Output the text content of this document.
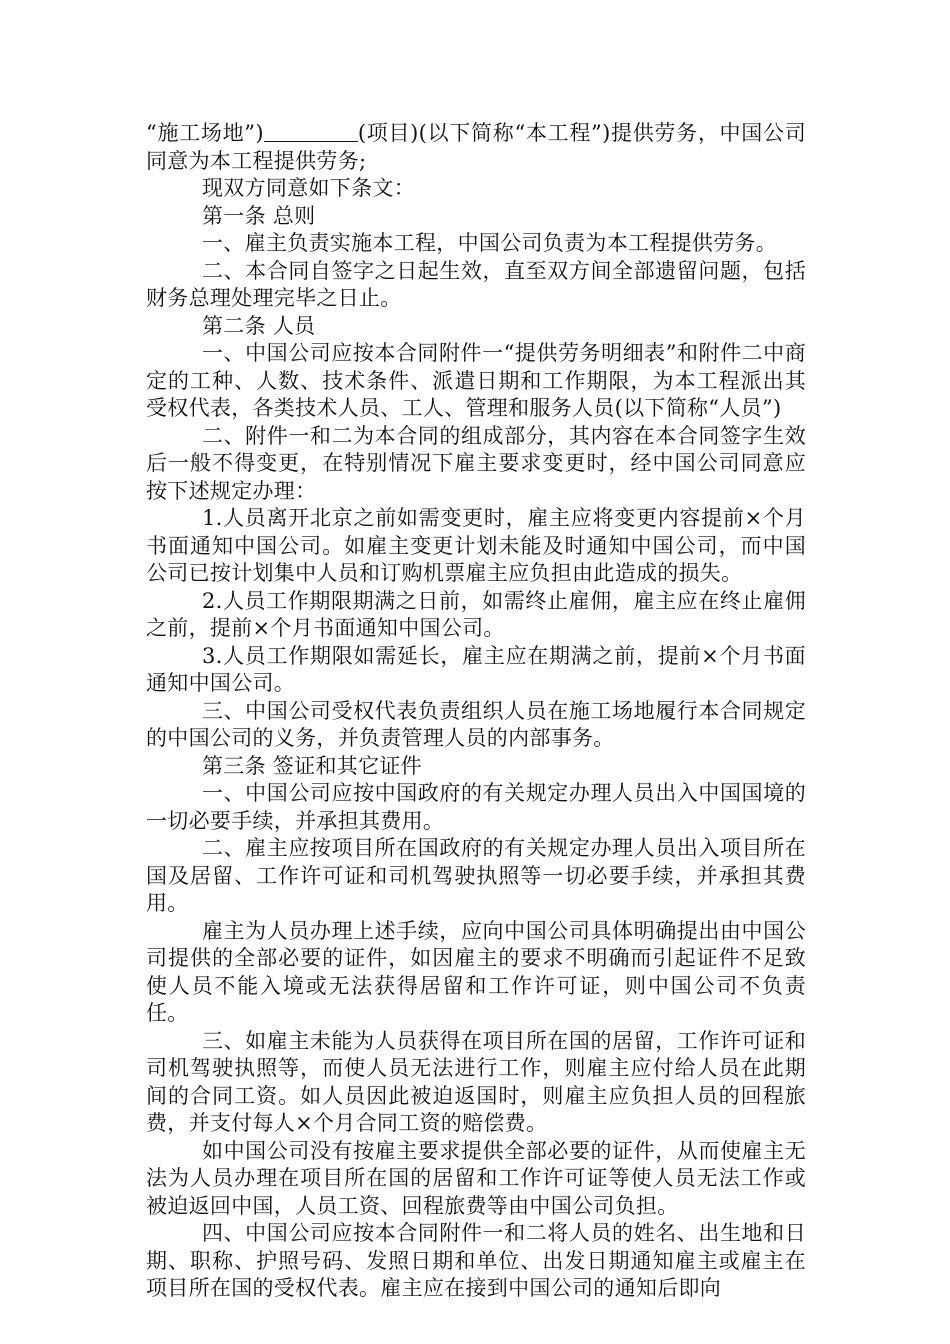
“施工场地”)	(项目)(以下简称“本工程”)提供劳务，中国公司同意为本工程提供劳务;

现双方同意如下条文：

第一条 总则

一、雇主负责实施本工程，中国公司负责为本工程提供劳务。

二、本合同自签字之日起生效，直至双方间全部遗留问题，包括财务总理处理完毕之日止。

第二条 人员

一、中国公司应按本合同附件一“提供劳务明细表”和附件二中商定的工种、人数、技术条件、派遣日期和工作期限，为本工程派出其受权代表，各类技术人员、工人、管理和服务人员(以下简称“人员”)

二、附件一和二为本合同的组成部分，其内容在本合同签字生效后一般不得变更，在特别情况下雇主要求变更时，经中国公司同意应按下述规定办理：

1.人员离开北京之前如需变更时，雇主应将变更内容提前×个月书面通知中国公司。如雇主变更计划未能及时通知中国公司，而中国公司已按计划集中人员和订购机票雇主应负担由此造成的损失。

2.人员工作期限期满之日前，如需终止雇佣，雇主应在终止雇佣之前，提前×个月书面通知中国公司。

3.人员工作期限如需延长，雇主应在期满之前，提前×个月书面通知中国公司。

三、中国公司受权代表负责组织人员在施工场地履行本合同规定的中国公司的义务，并负责管理人员的内部事务。

第三条 签证和其它证件

一、中国公司应按中国政府的有关规定办理人员出入中国国境的一切必要手续，并承担其费用。

二、雇主应按项目所在国政府的有关规定办理人员出入项目所在国及居留、工作许可证和司机驾驶执照等一切必要手续，并承担其费用。

雇主为人员办理上述手续，应向中国公司具体明确提出由中国公司提供的全部必要的证件，如因雇主的要求不明确而引起证件不足致使人员不能入境或无法获得居留和工作许可证，则中国公司不负责任。

三、如雇主未能为人员获得在项目所在国的居留，工作许可证和司机驾驶执照等，而使人员无法进行工作，则雇主应付给人员在此期间的合同工资。如人员因此被迫返国时，则雇主应负担人员的回程旅费，并支付每人×个月合同工资的赔偿费。

如中国公司没有按雇主要求提供全部必要的证件，从而使雇主无法为人员办理在项目所在国的居留和工作许可证等使人员无法工作或被迫返回中国，人员工资、回程旅费等由中国公司负担。

四、中国公司应按本合同附件一和二将人员的姓名、出生地和日期、职称、护照号码、发照日期和单位、出发日期通知雇主或雇主在项目所在国的受权代表。雇主应在接到中国公司的通知后即向
